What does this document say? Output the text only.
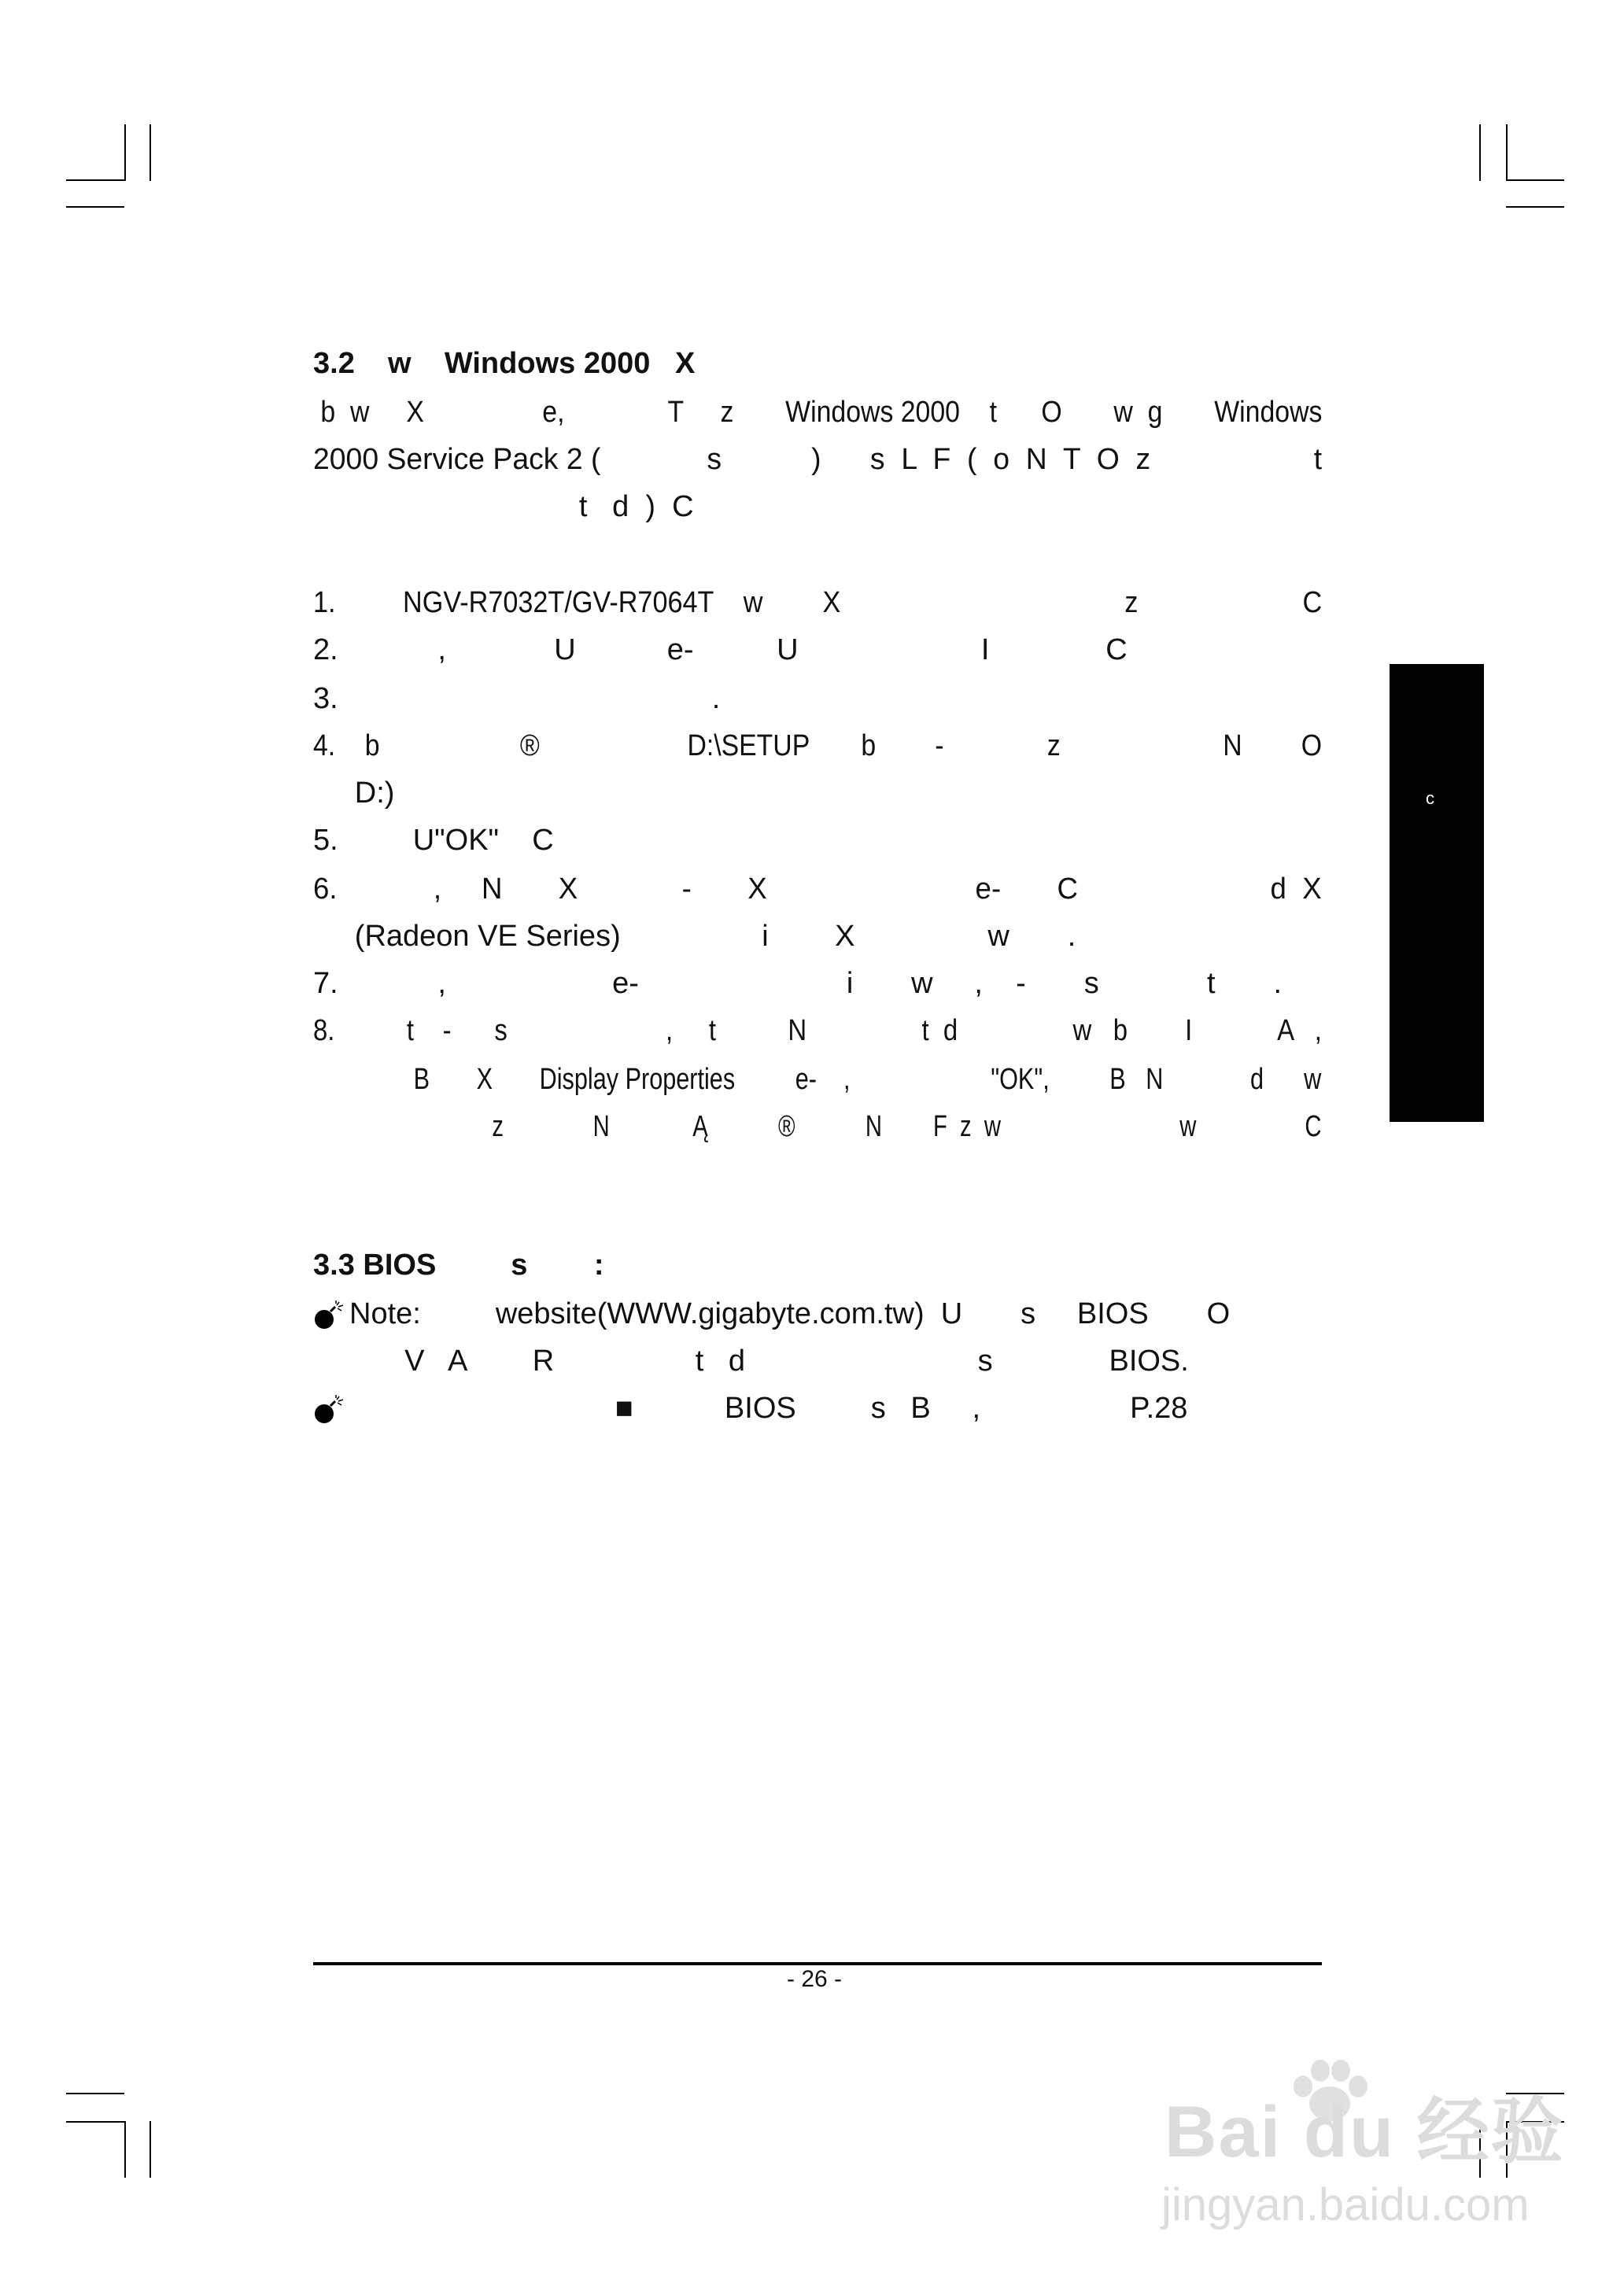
3.2    w    Windows 2000   X
b  w     X                e,              T     z       Windows 2000    t      O       w  g       Windows
2000 Service Pack 2 (             s           )      s  L  F  (  o  N  T  O  z                    t
t   d  )  C
1.         NGV-R7032T/GV-R7064T    w        X                                      z                      C
2.            ,             U           e-          U                      I              C
3.                                             .
4.    b                   ®                    D:\SETUP       b        -              z                      N        O
D:)
5.         U"OK"    C
6.            ,     N       X             -       X                          e-       C                        d  X
(Radeon VE Series)                 i        X                w       .
7.            ,                    e-                         i       w     ,    -       s             t       .
8.          t    -      s                      ,     t          N                t  d                w   b        I            A   ,
B       X       Display Properties         e-    ,                     "OK",         B   N             d      w
z              N             Ą           ®           N        F  z  w                            w                 C
c
3.3 BIOS         s        :
Note:         website(WWW.gigabyte.com.tw)  U       s     BIOS       O
V   A        R                 t   d                            s              BIOS.
■           BIOS         s   B     ,                  P.28
- 26 -
Bai du 经验
jingyan.baidu.com
